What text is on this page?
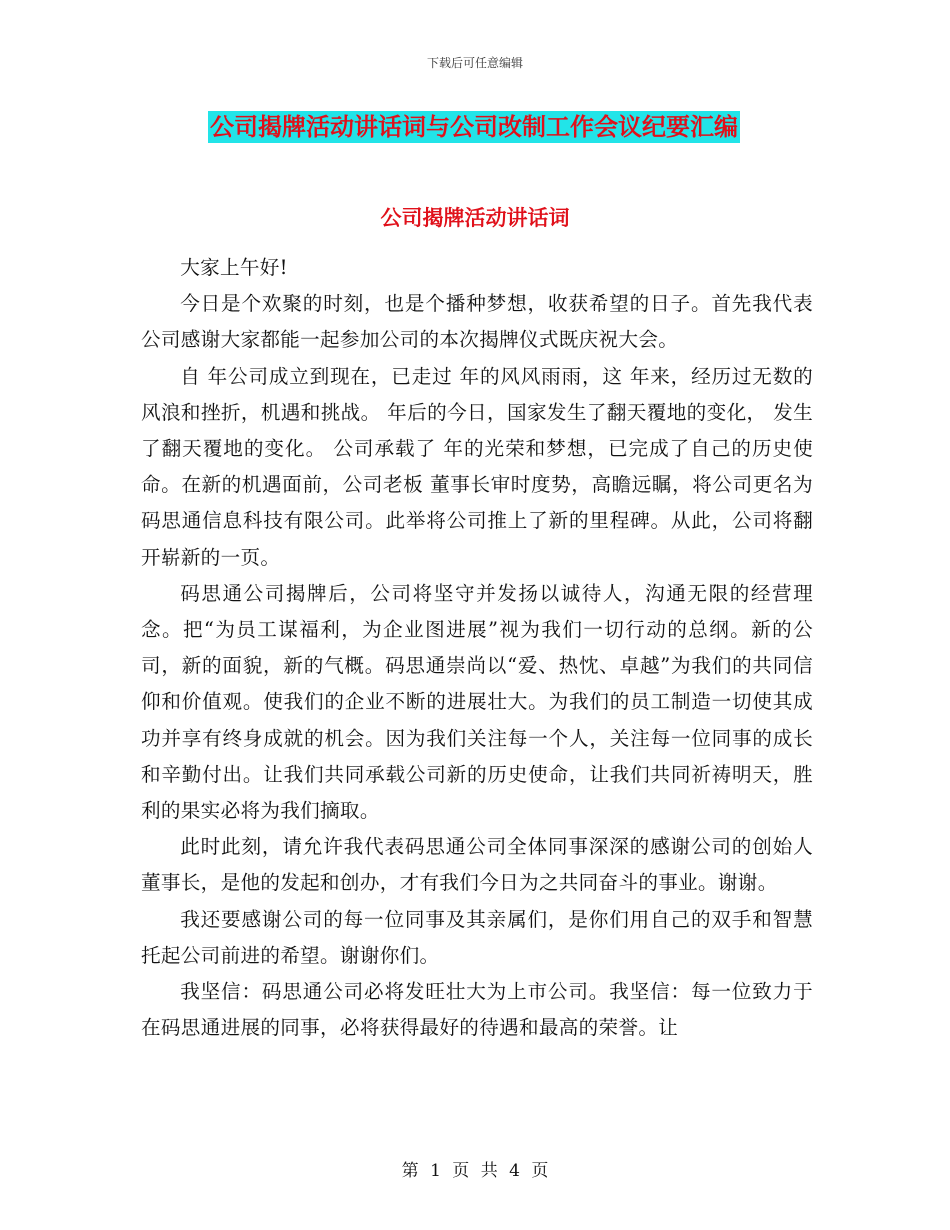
下载后可任意编辑
公司揭牌活动讲话词与公司改制工作会议纪要汇编
公司揭牌活动讲话词

大家上午好!

今日是个欢聚的时刻，也是个播种梦想，收获希望的日子。首先我代表公司感谢大家都能一起参加公司的本次揭牌仪式既庆祝大会。

自 年公司成立到现在，已走过 年的风风雨雨，这 年来，经历过无数的风浪和挫折，机遇和挑战。 年后的今日，国家发生了翻天覆地的变化， 发生了翻天覆地的变化。 公司承载了 年的光荣和梦想，已完成了自己的历史使命。在新的机遇面前，公司老板 董事长审时度势，高瞻远瞩，将公司更名为码思通信息科技有限公司。此举将公司推上了新的里程碑。从此，公司将翻开崭新的一页。

码思通公司揭牌后，公司将坚守并发扬以诚待人，沟通无限的经营理念。把“为员工谋福利，为企业图进展”视为我们一切行动的总纲。新的公司，新的面貌，新的气概。码思通崇尚以“爱、热忱、卓越”为我们的共同信仰和价值观。使我们的企业不断的进展壮大。为我们的员工制造一切使其成功并享有终身成就的机会。因为我们关注每一个人，关注每一位同事的成长和辛勤付出。让我们共同承载公司新的历史使命，让我们共同祈祷明天，胜利的果实必将为我们摘取。

此时此刻，请允许我代表码思通公司全体同事深深的感谢公司的创始人 董事长，是他的发起和创办，才有我们今日为之共同奋斗的事业。谢谢。

我还要感谢公司的每一位同事及其亲属们，是你们用自己的双手和智慧托起公司前进的希望。谢谢你们。

我坚信：码思通公司必将发旺壮大为上市公司。我坚信：每一位致力于在码思通进展的同事，必将获得最好的待遇和最高的荣誉。让

第 1 页 共 4 页
